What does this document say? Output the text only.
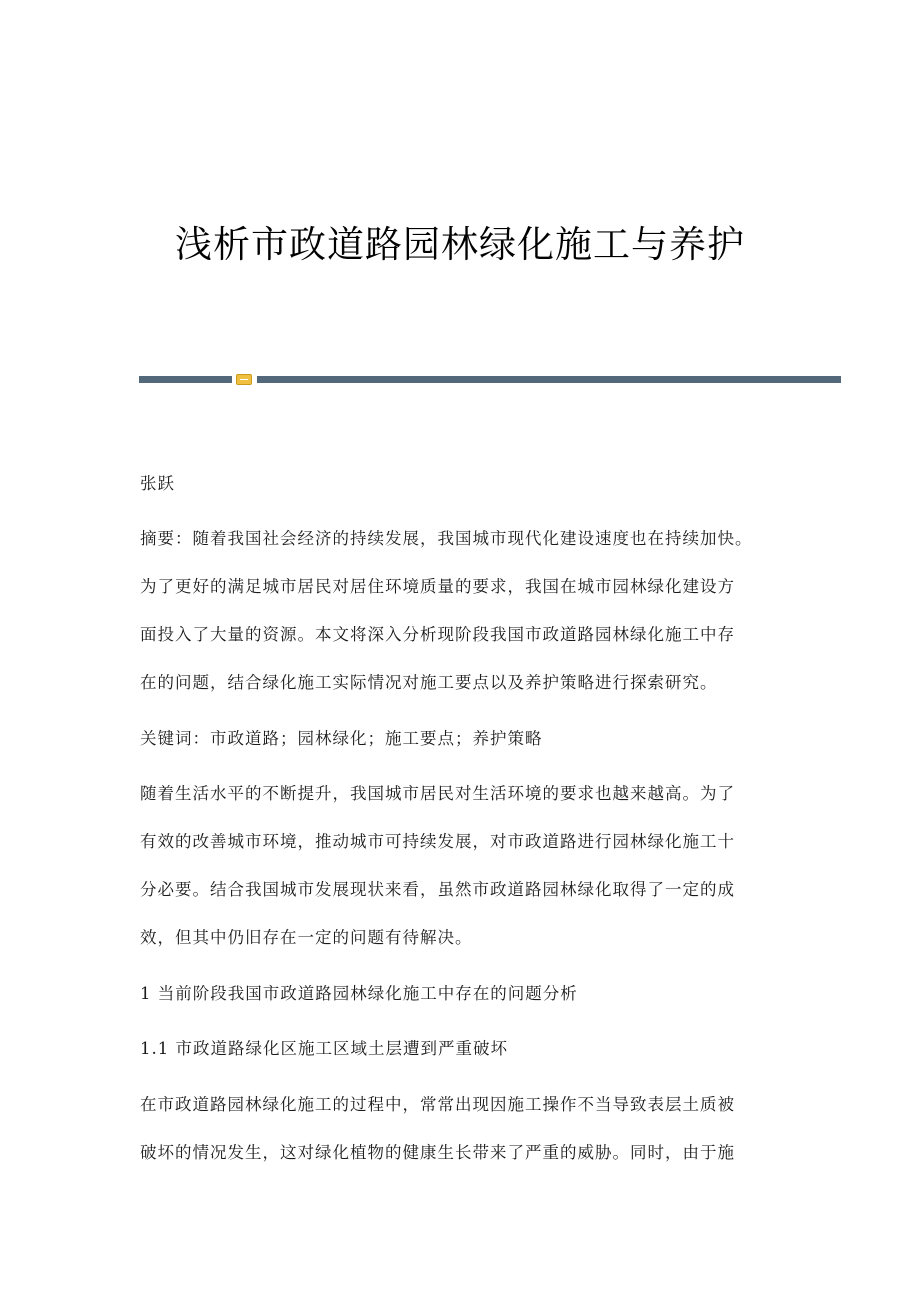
浅析市政道路园林绿化施工与养护

张跃

摘要：随着我国社会经济的持续发展，我国城市现代化建设速度也在持续加快。

为了更好的满足城市居民对居住环境质量的要求，我国在城市园林绿化建设方

面投入了大量的资源。本文将深入分析现阶段我国市政道路园林绿化施工中存

在的问题，结合绿化施工实际情况对施工要点以及养护策略进行探索研究。

关键词：市政道路；园林绿化；施工要点；养护策略

随着生活水平的不断提升，我国城市居民对生活环境的要求也越来越高。为了

有效的改善城市环境，推动城市可持续发展，对市政道路进行园林绿化施工十

分必要。结合我国城市发展现状来看，虽然市政道路园林绿化取得了一定的成

效，但其中仍旧存在一定的问题有待解决。

1 当前阶段我国市政道路园林绿化施工中存在的问题分析

1.1 市政道路绿化区施工区域土层遭到严重破坏

在市政道路园林绿化施工的过程中，常常出现因施工操作不当导致表层土质被

破坏的情况发生，这对绿化植物的健康生长带来了严重的威胁。同时，由于施
